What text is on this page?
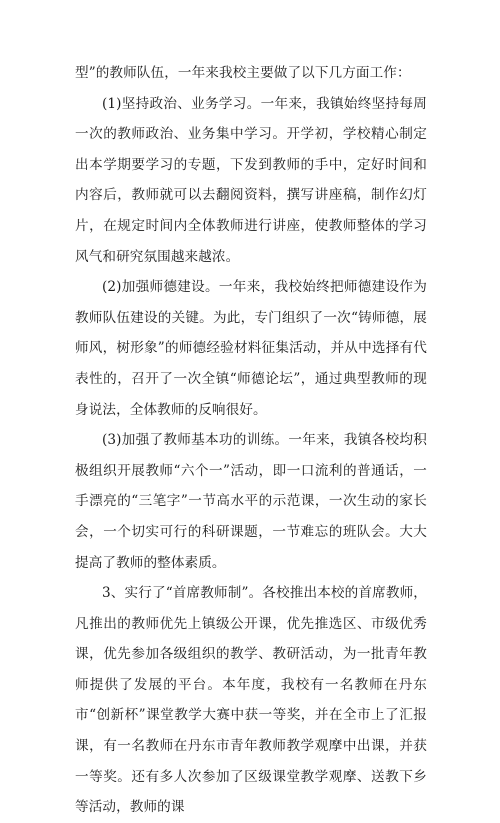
型”的教师队伍，一年来我校主要做了以下几方面工作：

(1)坚持政治、业务学习。一年来，我镇始终坚持每周一次的教师政治、业务集中学习。开学初，学校精心制定出本学期要学习的专题，下发到教师的手中，定好时间和内容后，教师就可以去翻阅资料，撰写讲座稿，制作幻灯片，在规定时间内全体教师进行讲座，使教师整体的学习风气和研究氛围越来越浓。

(2)加强师德建设。一年来，我校始终把师德建设作为教师队伍建设的关键。为此，专门组织了一次“铸师德，展师风，树形象”的师德经验材料征集活动，并从中选择有代表性的，召开了一次全镇“师德论坛”，通过典型教师的现身说法，全体教师的反响很好。

(3)加强了教师基本功的训练。一年来，我镇各校均积极组织开展教师“六个一”活动，即一口流利的普通话，一手漂亮的“三笔字”一节高水平的示范课，一次生动的家长会，一个切实可行的科研课题，一节难忘的班队会。大大提高了教师的整体素质。

3、实行了“首席教师制”。各校推出本校的首席教师，凡推出的教师优先上镇级公开课，优先推选区、市级优秀课，优先参加各级组织的教学、教研活动，为一批青年教师提供了发展的平台。本年度，我校有一名教师在丹东市“创新杯”课堂教学大赛中获一等奖，并在全市上了汇报课，有一名教师在丹东市青年教师教学观摩中出课，并获一等奖。还有多人次参加了区级课堂教学观摩、送教下乡等活动，教师的课
